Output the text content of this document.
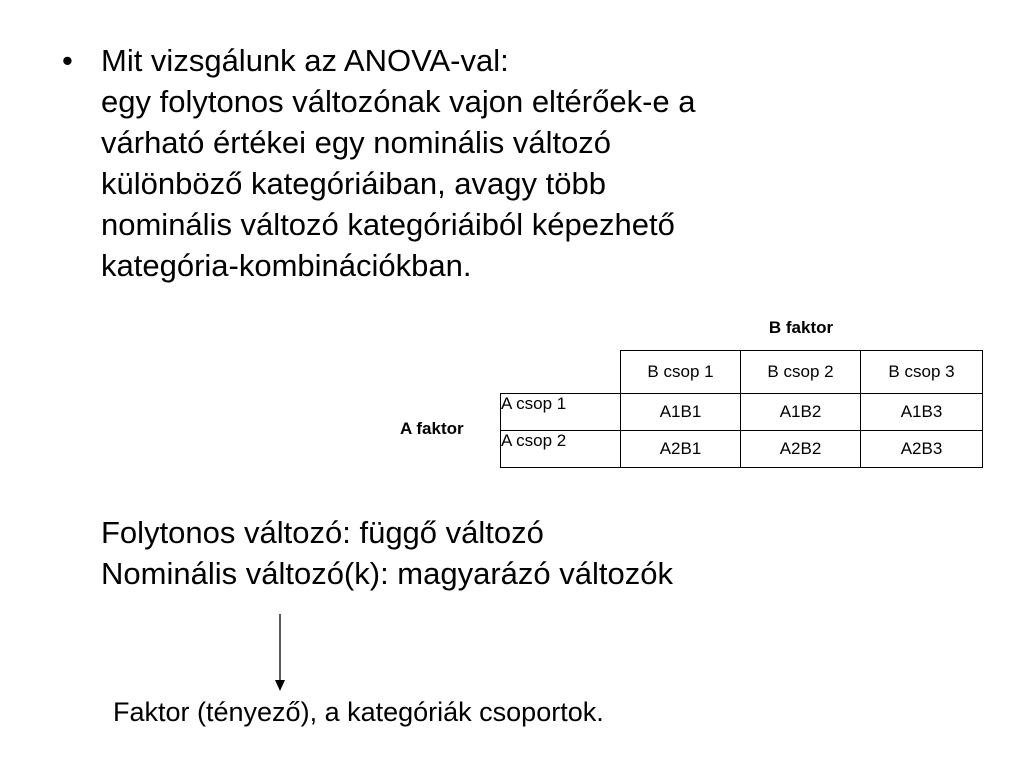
• Mit vizsgálunk az ANOVA-val:
egy folytonos változónak vajon eltérőek-e a
várható értékei egy nominális változó
különböző kategóriáiban, avagy több
nominális változó kategóriáiból képezhető
kategória-kombinációkban.
B faktor
A faktor
	B csop 1	B csop 2	B csop 3
A csop 1	A1B1	A1B2	A1B3
A csop 2	A2B1	A2B2	A2B3
Folytonos változó: függő változó
Nominális változó(k): magyarázó változók
Faktor (tényező), a kategóriák csoportok.
